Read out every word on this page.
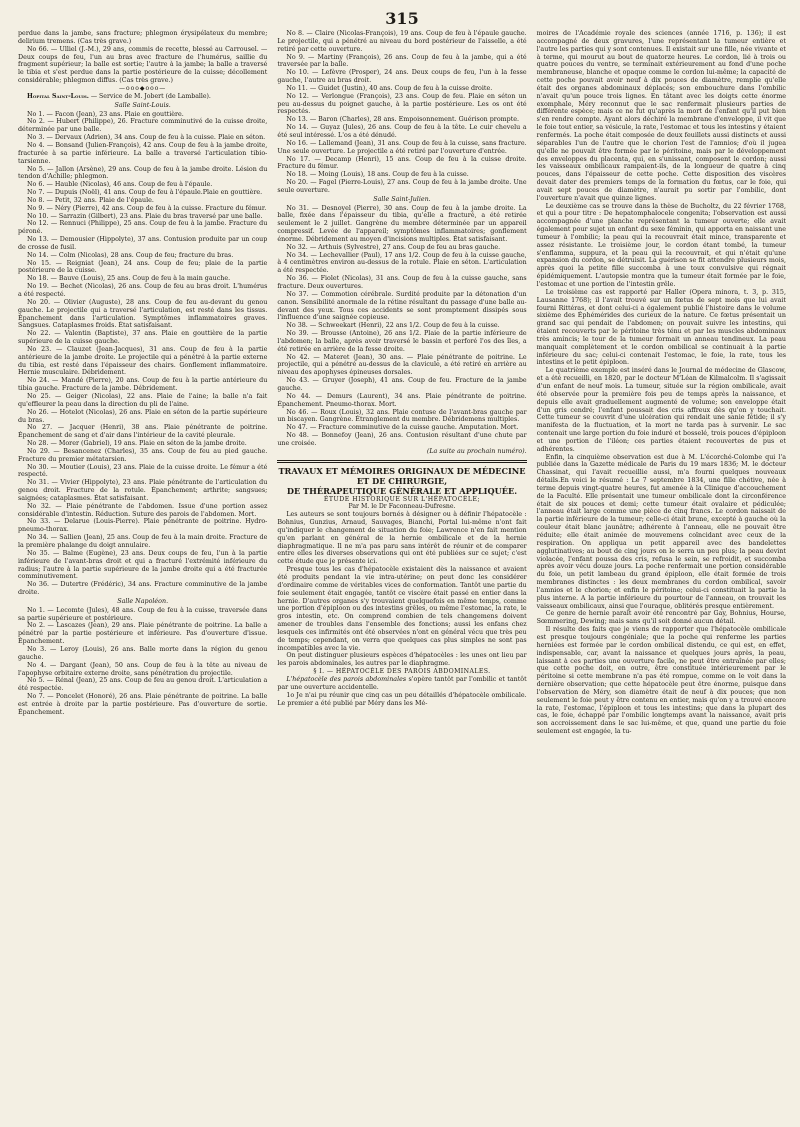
315

perdue dans la jambe, sans fracture; phlegmon érysipélateux du membre; delirium tremens. (Cas très grave.)

No 66. — Ulliel (J.-M.), 29 ans, commis de recette, blessé au Carrousel. — Deux coups de feu, l'un au bras avec fracture de l'humérus, saillie du fragment supérieur; la balle est sortie; l'autre à la jambe; la balle a traversé le tibia et s'est perdue dans la partie postérieure de la cuisse; décollement considérable; phlegmon diffus. (Cas très grave.)

—ooo◆ooo—

Hopital Saint-Louis. — Service de M. Jobert (de Lamballe).

Salle Saint-Louis.

No 1. — Facon (Jean), 23 ans. Plaie en gouttière.

No 2. — Hubert (Philippe), 26. Fracture comminutivé de la cuisse droite, déterminée par une balle.

No 3. — Dervaux (Adrien), 34 ans. Coup de feu à la cuisse. Plaie en séton.

No 4. — Bonsand (Julien-François), 42 ans. Coup de feu à la jambe droite, fracturée à sa partie inférieure. La balle a traversé l'articulation tibio-tarsienne.

No 5. — Jallon (Arsène), 29 ans. Coup de feu à la jambe droite. Lésion du tendon d'Achille; phlegmon.

No 6. — Hauble (Nicolas), 46 ans. Coup de feu à l'épaule.

No 7. — Dupuis (Noël), 41 ans. Coup de feu à l'épaule.Plaie en gouttière.

No 8. — Petit, 32 ans. Plaie de l'épaule.

No 9. — Néry (Pierre), 42 ans. Coup de feu à la cuisse. Fracture du fémur.

No 10. — Sarrazin (Gilbert), 23 ans. Plaie du bras traversé par une balle.

No 12. — Rennuci (Philippe), 25 ans. Coup de feu à la jambe. Fracture du péroné.

No 13. — Demousier (Hippolyte), 37 ans. Contusion produite par un coup de crosse de fusil.

No 14. — Colm (Nicolas), 28 ans. Coup de feu; fracture du bras.

No 15. — Reigniat (Jean), 24 ans. Coup de feu; plaie de la partie postérieure de la cuisse.

No 18. — Bauve (Louis), 25 ans. Coup de feu à la main gauche.

No 19. — Bechet (Nicolas), 26 ans. Coup de feu au bras droit. L'humérus a été respecté.

No 20. — Olivier (Auguste), 28 ans. Coup de feu au-devant du genou gauche. Le projectile qui a traversé l'articulation, est resté dans les tissus. Épanchement dans l'articulation. Symptômes inflammatoires graves. Sangsues. Cataplasmes froids. État satisfaisant.

No 22. — Valentin (Baptiste), 37 ans. Plaie en gouttière de la partie supérieure de la cuisse gauche.

No 23. — Clauzet (Jean-Jacques), 31 ans. Coup de feu à la partie antérieure de la jambe droite. Le projectile qui a pénétré à la partie externe du tibia, est resté dans l'épaisseur des chairs. Gonflement inflammatoire. Hernie musculaire. Débridement.

No 24. — Mandé (Pierre), 20 ans. Coup de feu à la partie antérieure du tibia gauche. Fracture de la jambe. Débridement.

No 25. — Geiger (Nicolas), 22 ans. Plaie de l'aine; la balle n'a fait qu'effleurer la peau dans la direction du pli de l'aine.

No 26. — Hotelot (Nicolas), 26 ans. Plaie en séton de la partie supérieure du bras.

No 27. — Jacquer (Henri), 38 ans. Plaie pénétrante de poitrine. Épanchement de sang et d'air dans l'intérieur de la cavité pleurale.

No 28. — Morer (Gabriel), 19 ans. Plaie en séton de la jambe droite.

No 29. — Besancenez (Charles), 35 ans. Coup de feu au pied gauche. Fracture du premier métatarsien.

No 30. — Moutier (Louis), 23 ans. Plaie de la cuisse droite. Le fémur a été respecté.

No 31. — Vivier (Hippolyte), 23 ans. Plaie pénétrante de l'articulation du genou droit. Fracture de la rotule. Épanchement; arthrite; sangsues; saignées; cataplasmes. État satisfaisant.

No 32. — Plaie pénétrante de l'abdomen. Issue d'une portion assez considérable d'intestin. Réduction. Suture des parois de l'abdomen. Mort.

No 33. — Delarue (Louis-Pierre). Plaie pénétrante de poitrine. Hydro-pneumo-thorax.

No 34. — Sallien (Jean), 25 ans. Coup de feu à la main droite. Fracture de la première phalange du doigt annulaire.

No 35. — Balme (Eugène), 23 ans. Deux coups de feu, l'un à la partie inférieure de l'avant-bras droit et qui a fracturé l'extrémité inférieure du radius; l'autre à la partie supérieure de la jambe droite qui a été fracturée comminutivement.

No 36. — Dutertre (Frédéric), 34 ans. Fracture comminutive de la jambe droite.

Salle Napoléon.

No 1. — Lecomte (Jules), 48 ans. Coup de feu à la cuisse, traversée dans sa partie supérieure et postérieure.

No 2. — Lascazes (Jean), 29 ans. Plaie pénétrante de poitrine. La balle a pénétré par la partie postérieure et inférieure. Pas d'ouverture d'issue. Épanchement.

No 3. — Leroy (Louis), 26 ans. Balle morte dans la région du genou gauche.

No 4. — Dargant (Jean), 50 ans. Coup de feu à la tête au niveau de l'apophyse orbitaire externe droite, sans pénétration du projectile.

No 5. — Rénal (Jean), 25 ans. Coup de feu au genou droit. L'articulation a été respectée.

No 7. — Poncelet (Honoré), 26 ans. Plaie pénétrante de poitrine. La balle est entrée à droite par la partie postérieure. Pas d'ouverture de sortie. Épanchement.

No 8. — Claire (Nicolas-François), 19 ans. Coup de feu à l'épaule gauche. Le projectile, qui a pénétré au niveau du bord postérieur de l'aisselle, a été retiré par cette ouverture.

No 9. — Martiny (François), 26 ans. Coup de feu à la jambe, qui a été traversée par la balle.

No 10. — Lefèvre (Prosper), 24 ans. Deux coups de feu, l'un à la fesse gauche, l'autre au bras droit.

No 11. — Guidet (Justin), 40 ans. Coup de feu à la cuisse droite.

No 12. — Verlongue (François), 23 ans. Coup de feu. Plaie en séton un peu au-dessus du poignet gauche, à la partie postérieure. Les os ont été respectés.

No 13. — Baron (Charles), 28 ans. Empoisonnement. Guérison prompte.

No 14. — Guyaz (Jules), 26 ans. Coup de feu à la tête. Le cuir chevelu a été seul intéressé. L'os a été dénudé.

No 16. — Lallemand (Jean), 31 ans. Coup de feu à la cuisse, sans fracture. Une seule ouverture. Le projectile a été retiré par l'ouverture d'entrée.

No 17. — Decamp (Henri), 15 ans. Coup de feu à la cuisse droite. Fracture du fémur.

No 18. — Moing (Louis), 18 ans. Coup de feu à la cuisse.

No 20. — Fagel (Pierre-Louis), 27 ans. Coup de feu à la jambe droite. Une seule ouverture.

Salle Saint-Julien.

No 31. — Desnoyel (Pierre), 30 ans. Coup de feu à la jambe droite. La balle, fixée dans l'épaisseur du tibia, qu'elle a fracturé, a été retirée seulement le 2 juillet. Gangrène du membre déterminée par un appareil compressif. Levée de l'appareil; symptômes inflammatoires; gonflement énorme. Débridement au moyen d'incisions multiples. État satisfaisant.

No 32. — Arthuis (Sylvestre), 27 ans. Coup de feu au bras gauche.

No 34. — Lechevallier (Paul), 17 ans 1/2. Coup de feu à la cuisse gauche, à 4 centimètres environ au-dessus de la rotule. Plaie en séton. L'articulation a été respectée.

No 36. — Fiolet (Nicolas), 31 ans. Coup de feu à la cuisse gauche, sans fracture. Deux ouvertures.

No 37. — Commotion cérébrale. Surdité produite par la détonation d'un canon. Sensibilité anormale de la rétine résultant du passage d'une balle au-devant des yeux. Tous ces accidents se sont promptement dissipés sous l'influence d'une saignée copieuse.

No 38. — Schweekart (Henri), 22 ans 1/2. Coup de feu à la cuisse.

No 39. — Brousse (Antoine), 26 ans 1/2. Plaie de la partie inférieure de l'abdomen; la balle, après avoir traversé le bassin et perforé l'os des îles, a été retirée en arrière de la fesse droite.

No 42. — Materet (Jean), 30 ans. — Plaie pénétrante de poitrine. Le projectile, qui a pénétré au-dessus de la clavicule, a été retiré en arrière au niveau des apophyses épineuses dorsales.

No 43. — Gruyer (Joseph), 41 ans. Coup de feu. Fracture de la jambe gauche.

No 44. — Demurs (Laurent), 34 ans. Plaie pénétrante de poitrine. Épanchement. Pneumo-thorax. Mort.

No 46. — Roux (Louis), 32 ans. Plaie contuse de l'avant-bras gauche par un biscayen. Gangrène. Étranglement du membre. Débridemens multiples.

No 47. — Fracture comminutive de la cuisse gauche. Amputation. Mort.

No 48. — Bonnefoy (Jean), 26 ans. Contusion résultant d'une chute par une croisée.

(La suite au prochain numéro).

TRAVAUX ET MÉMOIRES ORIGINAUX DE MÉDECINE

ET DE CHIRURGIE,

DE THÉRAPEUTIQUE GÉNÉRALE ET APPLIQUÉE.

ÉTUDE HISTORIQUE SUR L'HÉPATOCÈLE;

Par M. le Dr Faconneau-Dufresne.

Les auteurs se sont toujours bornés à désigner ou à définir l'hépatocèle : Bohnius, Gunzius, Arnaud, Sauvages, Bianchi, Portal lui-même n'ont fait qu'indiquer le changement de situation du foie; Lawrence n'en fait mention qu'en parlant en général de la hernie ombilicale et de la hernie diaphragmatique. Il ne m'a pas paru sans intérêt de réunir et de comparer entre elles les diverses observations qui ont été publiées sur ce sujet; c'est cette étude que je présente ici.

Presque tous les cas d'hépatocèle existaient dès la naissance et avaient été produits pendant la vie intra-utérine; on peut donc les considérer d'ordinaire comme de véritables vices de conformation. Tantôt une partie du foie seulement était engagée, tantôt ce viscère était passé en entier dans la hernie. D'autres organes s'y trouvaient quelquefois en même temps, comme une portion d'épiploon ou des intestins grêles, ou même l'estomac, la rate, le gros intestin, etc. On comprend combien de tels changemens doivent amener de troubles dans l'ensemble des fonctions; aussi les enfans chez lesquels ces infirmités ont été observées n'ont en général vécu que très peu de temps; cependant, on verra que quelques cas plus simples ne sont pas incompatibles avec la vie.

On peut distinguer plusieurs espèces d'hépatocèles : les unes ont lieu par les parois abdominales, les autres par le diaphragme.

§ I. — HÉPATOCÈLE DES PAROIS ABDOMINALES.

L'hépatocèle des parois abdominales s'opère tantôt par l'ombilic et tantôt par une ouverture accidentelle.

1o Je n'ai pu réunir que cinq cas un peu détaillés d'hépatocèle ombilicale. Le premier a été publié par Méry dans les Mé-

moires de l'Académie royale des sciences (année 1716, p. 136); il est accompagné de deux gravures, l'une représentant la tumeur entière et l'autre les parties qui y sont contenues. Il existait sur une fille, née vivante et à terme, qui mourut au bout de quatorze heures. Le cordon, lié à trois ou quatre pouces du ventre, se terminait extérieurement au fond d'une poche membraneuse, blanche et opaque comme le cordon lui-même; la capacité de cette poche pouvait avoir neuf à dix pouces de diamètre, remplie qu'elle était des organes abdominaux déplacés; son embouchure dans l'ombilic n'avait qu'un pouce trois lignes. En tâtant avec les doigts cette énorme exomphale, Méry reconnut que le sac renfermait plusieurs parties de différente espèce; mais ce ne fut qu'après la mort de l'enfant qu'il put bien s'en rendre compte. Ayant alors déchiré la membrane d'enveloppe, il vit que le foie tout entier, sa vésicule, la rate, l'estomac et tous les intestins y étaient renfermés. La poche était composée de deux feuillets aussi distincts et aussi séparables l'un de l'autre que le chorion l'est de l'amnios; d'où il jugea qu'elle ne pouvait être formée par le péritoine, mais par le développement des enveloppes du placenta, qui, en s'unissant, composent le cordon; aussi les vaisseaux ombilicaux rampaient-ils, de la longueur de quatre à cinq pouces, dans l'épaisseur de cette poche. Cette disposition des viscères devait dater des premiers temps de la formation du fœtus, car le foie, qui avait sept pouces de diamètre, n'aurait pu sortir par l'ombilic, dont l'ouverture n'avait que quinze lignes.

Le deuxième cas se trouve dans la thèse de Bucholtz, du 22 février 1768, et qui a pour titre : De hepatomphalocele congenita; l'observation est aussi accompagnée d'une planche représentant la tumeur ouverte; elle avait également pour sujet un enfant du sexe féminin, qui apporta en naissant une tumeur à l'ombilic; la peau qui la recouvrait était mince, transparente et assez résistante. Le troisième jour, le cordon étant tombé, la tumeur s'enflamma, suppura, et la peau qui la recouvrait, et qui n'était qu'une expansion du cordon, se détruisit. La guérison se fit attendre plusieurs mois, après quoi la petite fille succomba à une toux convulsive qui régnait épidémiquement. L'autopsie montra que la tumeur était formée par le foie, l'estomac et une portion de l'intestin grêle.

Le troisième cas est rapporté par Haller (Opera minora, t. 3, p. 315, Lausanne 1768); il l'avait trouvé sur un fœtus de sept mois que lui avait fourni Rittéras, et dont celui-ci a également publié l'histoire dans le volume sixième des Éphémérides des curieux de la nature. Ce fœtus présentait un grand sac qui pendait de l'abdomen; on pouvait suivre les intestins, qui étaient recouverts par le péritoine très ténu et par les muscles abdominaux très amincis; le tour de la tumeur formait un anneau tendineux. La peau manquait complètement et le cordon ombilical se continuait à la partie inférieure du sac; celui-ci contenait l'estomac, le foie, la rate, tous les intestins et le petit épiploon.

Le quatrième exemple est inséré dans le Journal de médecine de Glascow, et a été recueilli, en 1820, par le docteur M'Léan de Kilmalcolm. Il s'agissait d'un enfant de neuf mois. La tumeur, située sur la région ombilicale, avait été observée pour la première fois peu de temps après la naissance, et depuis elle avait graduellement augmenté de volume; son enveloppe était d'un gris cendré; l'enfant poussait des cris affreux dès qu'on y touchait. Cette tumeur se couvrit d'une ulcération qui rendait une sanie fétide; il s'y manifesta de la fluctuation, et la mort ne tarda pas à survenir. Le sac contenait une large portion du foie induré et bosselé, trois pouces d'épiploon et une portion de l'iléon; ces parties étaient recouvertes de pus et adhérentes.

Enfin, la cinquième observation est due à M. L'écorché-Colombe qui l'a publiée dans la Gazette médicale de Paris du 19 mars 1836; M. le docteur Chassinat, qui l'avait recueillie aussi, m'a fourni quelques nouveaux détails.En voici le résumé : Le 7 septembre 1834, une fille chétive, née à terme depuis vingt-quatre heures, fut amenée à la Clinique d'accouchement de la Faculté. Elle présentait une tumeur ombilicale dont la circonférence était de six pouces et demi; cette tumeur était ovalaire et pédiculée; l'anneau était large comme une pièce de cinq francs. Le cordon naissait de la partie inférieure de la tumeur; celle-ci était brune, excepté à gauche où la couleur était blanc jaunâtre; adhérente à l'anneau, elle ne pouvait être réduite; elle était animée de mouvemens coïncidant avec ceux de la respiration. On appliqua un petit appareil avec des bandelettes agglutinatives; au bout de cinq jours on le serra un peu plus; la peau devint violacée, l'enfant poussa des cris, refusa le sein, se refroidit, et succomba après avoir vécu douze jours. La poche renfermait une portion considérable du foie, un petit lambeau du grand épiploon, elle était formée de trois membranes distinctes : les deux membranes du cordon ombilical, savoir l'amnios et le chorion; et enfin le péritoine; celui-ci constituait la partie la plus interne. A la partie inférieure du pourtour de l'anneau, on trouvait les vaisseaux ombilicaux, ainsi que l'ouraque, oblitérés presque entièrement.

Ce genre de hernie paraît avoir été rencontré par Gay, Bohnius, Hourse, Sœmmering, Dewing; mais sans qu'il soit donné aucun détail.

Il résulte des faits que je viens de rapporter que l'hépatocèle ombilicale est presque toujours congéniale; que la poche qui renferme les parties herniées est formée par le cordon ombilical distendu, ce qui est, en effet, indispensable, car, avant la naissance et quelques jours après, la peau, laissant à ces parties une ouverture facile, ne peut être entraînée par elles; que cette poche doit, en outre, être constituée intérieurement par le péritoine si cette membrane n'a pas été rompue, comme on le voit dans la dernière observation; que cette hépatocèle peut être énorme, puisque dans l'observation de Méry, son diamètre était de neuf à dix pouces; que non seulement le foie peut y être contenu en entier, mais qu'on y a trouvé encore la rate, l'estomac, l'épiploon et tous les intestins; que dans la plupart des cas, le foie, échappé par l'ombilic longtemps avant la naissance, avait pris son accroissement dans le sac lui-même, et que, quand une partie du foie seulement est engagée, la tu-
